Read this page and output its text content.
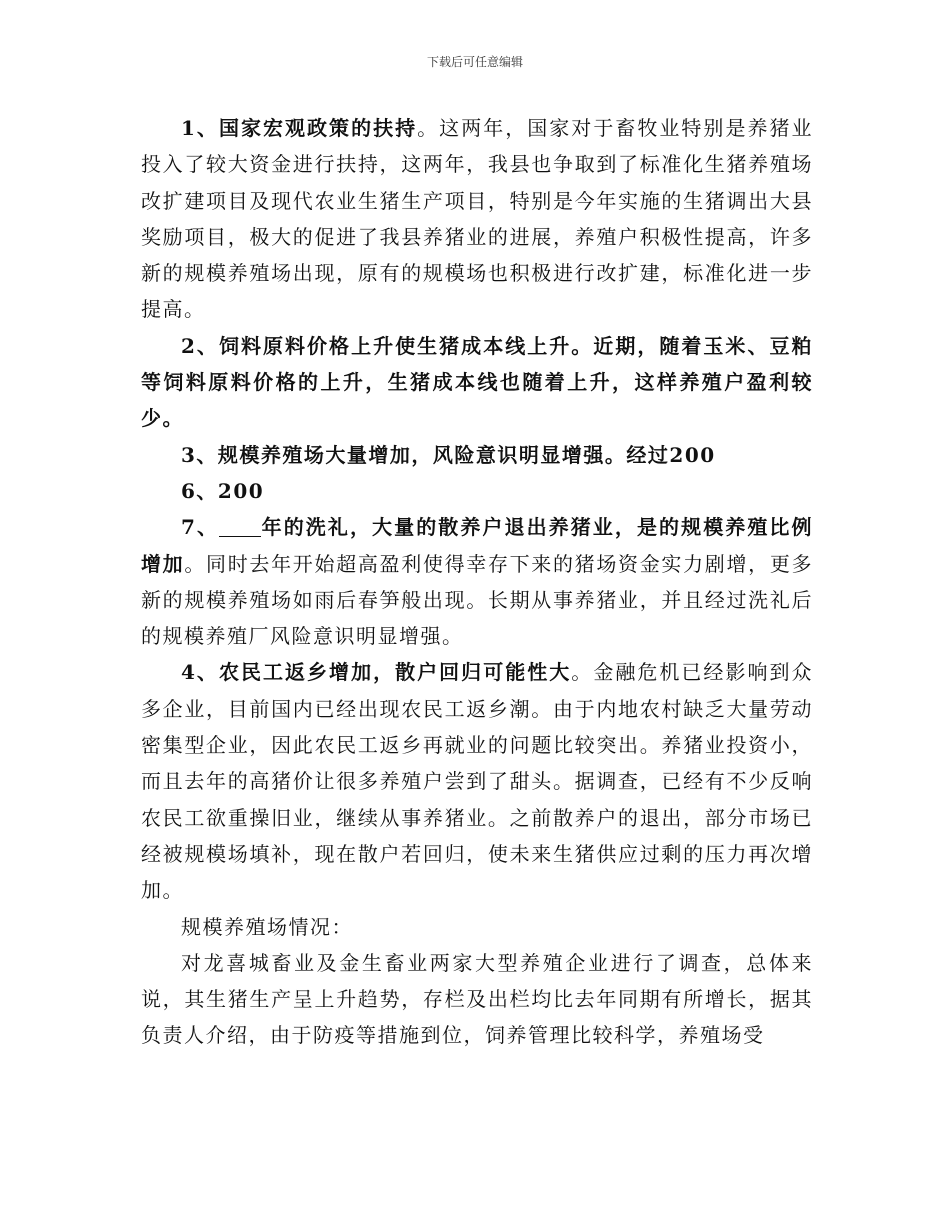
下载后可任意编辑

1、国家宏观政策的扶持。这两年，国家对于畜牧业特别是养猪业投入了较大资金进行扶持，这两年，我县也争取到了标准化生猪养殖场改扩建项目及现代农业生猪生产项目，特别是今年实施的生猪调出大县奖励项目，极大的促进了我县养猪业的进展，养殖户积极性提高，许多新的规模养殖场出现，原有的规模场也积极进行改扩建，标准化进一步提高。

2、饲料原料价格上升使生猪成本线上升。近期，随着玉米、豆粕等饲料原料价格的上升，生猪成本线也随着上升，这样养殖户盈利较少。

3、规模养殖场大量增加，风险意识明显增强。经过200

6、200

7、 年的洗礼，大量的散养户退出养猪业，是的规模养殖比例增加。同时去年开始超高盈利使得幸存下来的猪场资金实力剧增，更多新的规模养殖场如雨后春笋般出现。长期从事养猪业，并且经过洗礼后的规模养殖厂风险意识明显增强。

4、农民工返乡增加，散户回归可能性大。金融危机已经影响到众多企业，目前国内已经出现农民工返乡潮。由于内地农村缺乏大量劳动密集型企业，因此农民工返乡再就业的问题比较突出。养猪业投资小，而且去年的高猪价让很多养殖户尝到了甜头。据调查，已经有不少反响农民工欲重操旧业，继续从事养猪业。之前散养户的退出，部分市场已经被规模场填补，现在散户若回归，使未来生猪供应过剩的压力再次增加。

规模养殖场情况：

对龙喜城畜业及金生畜业两家大型养殖企业进行了调查，总体来说，其生猪生产呈上升趋势，存栏及出栏均比去年同期有所增长，据其负责人介绍，由于防疫等措施到位，饲养管理比较科学，养殖场受
